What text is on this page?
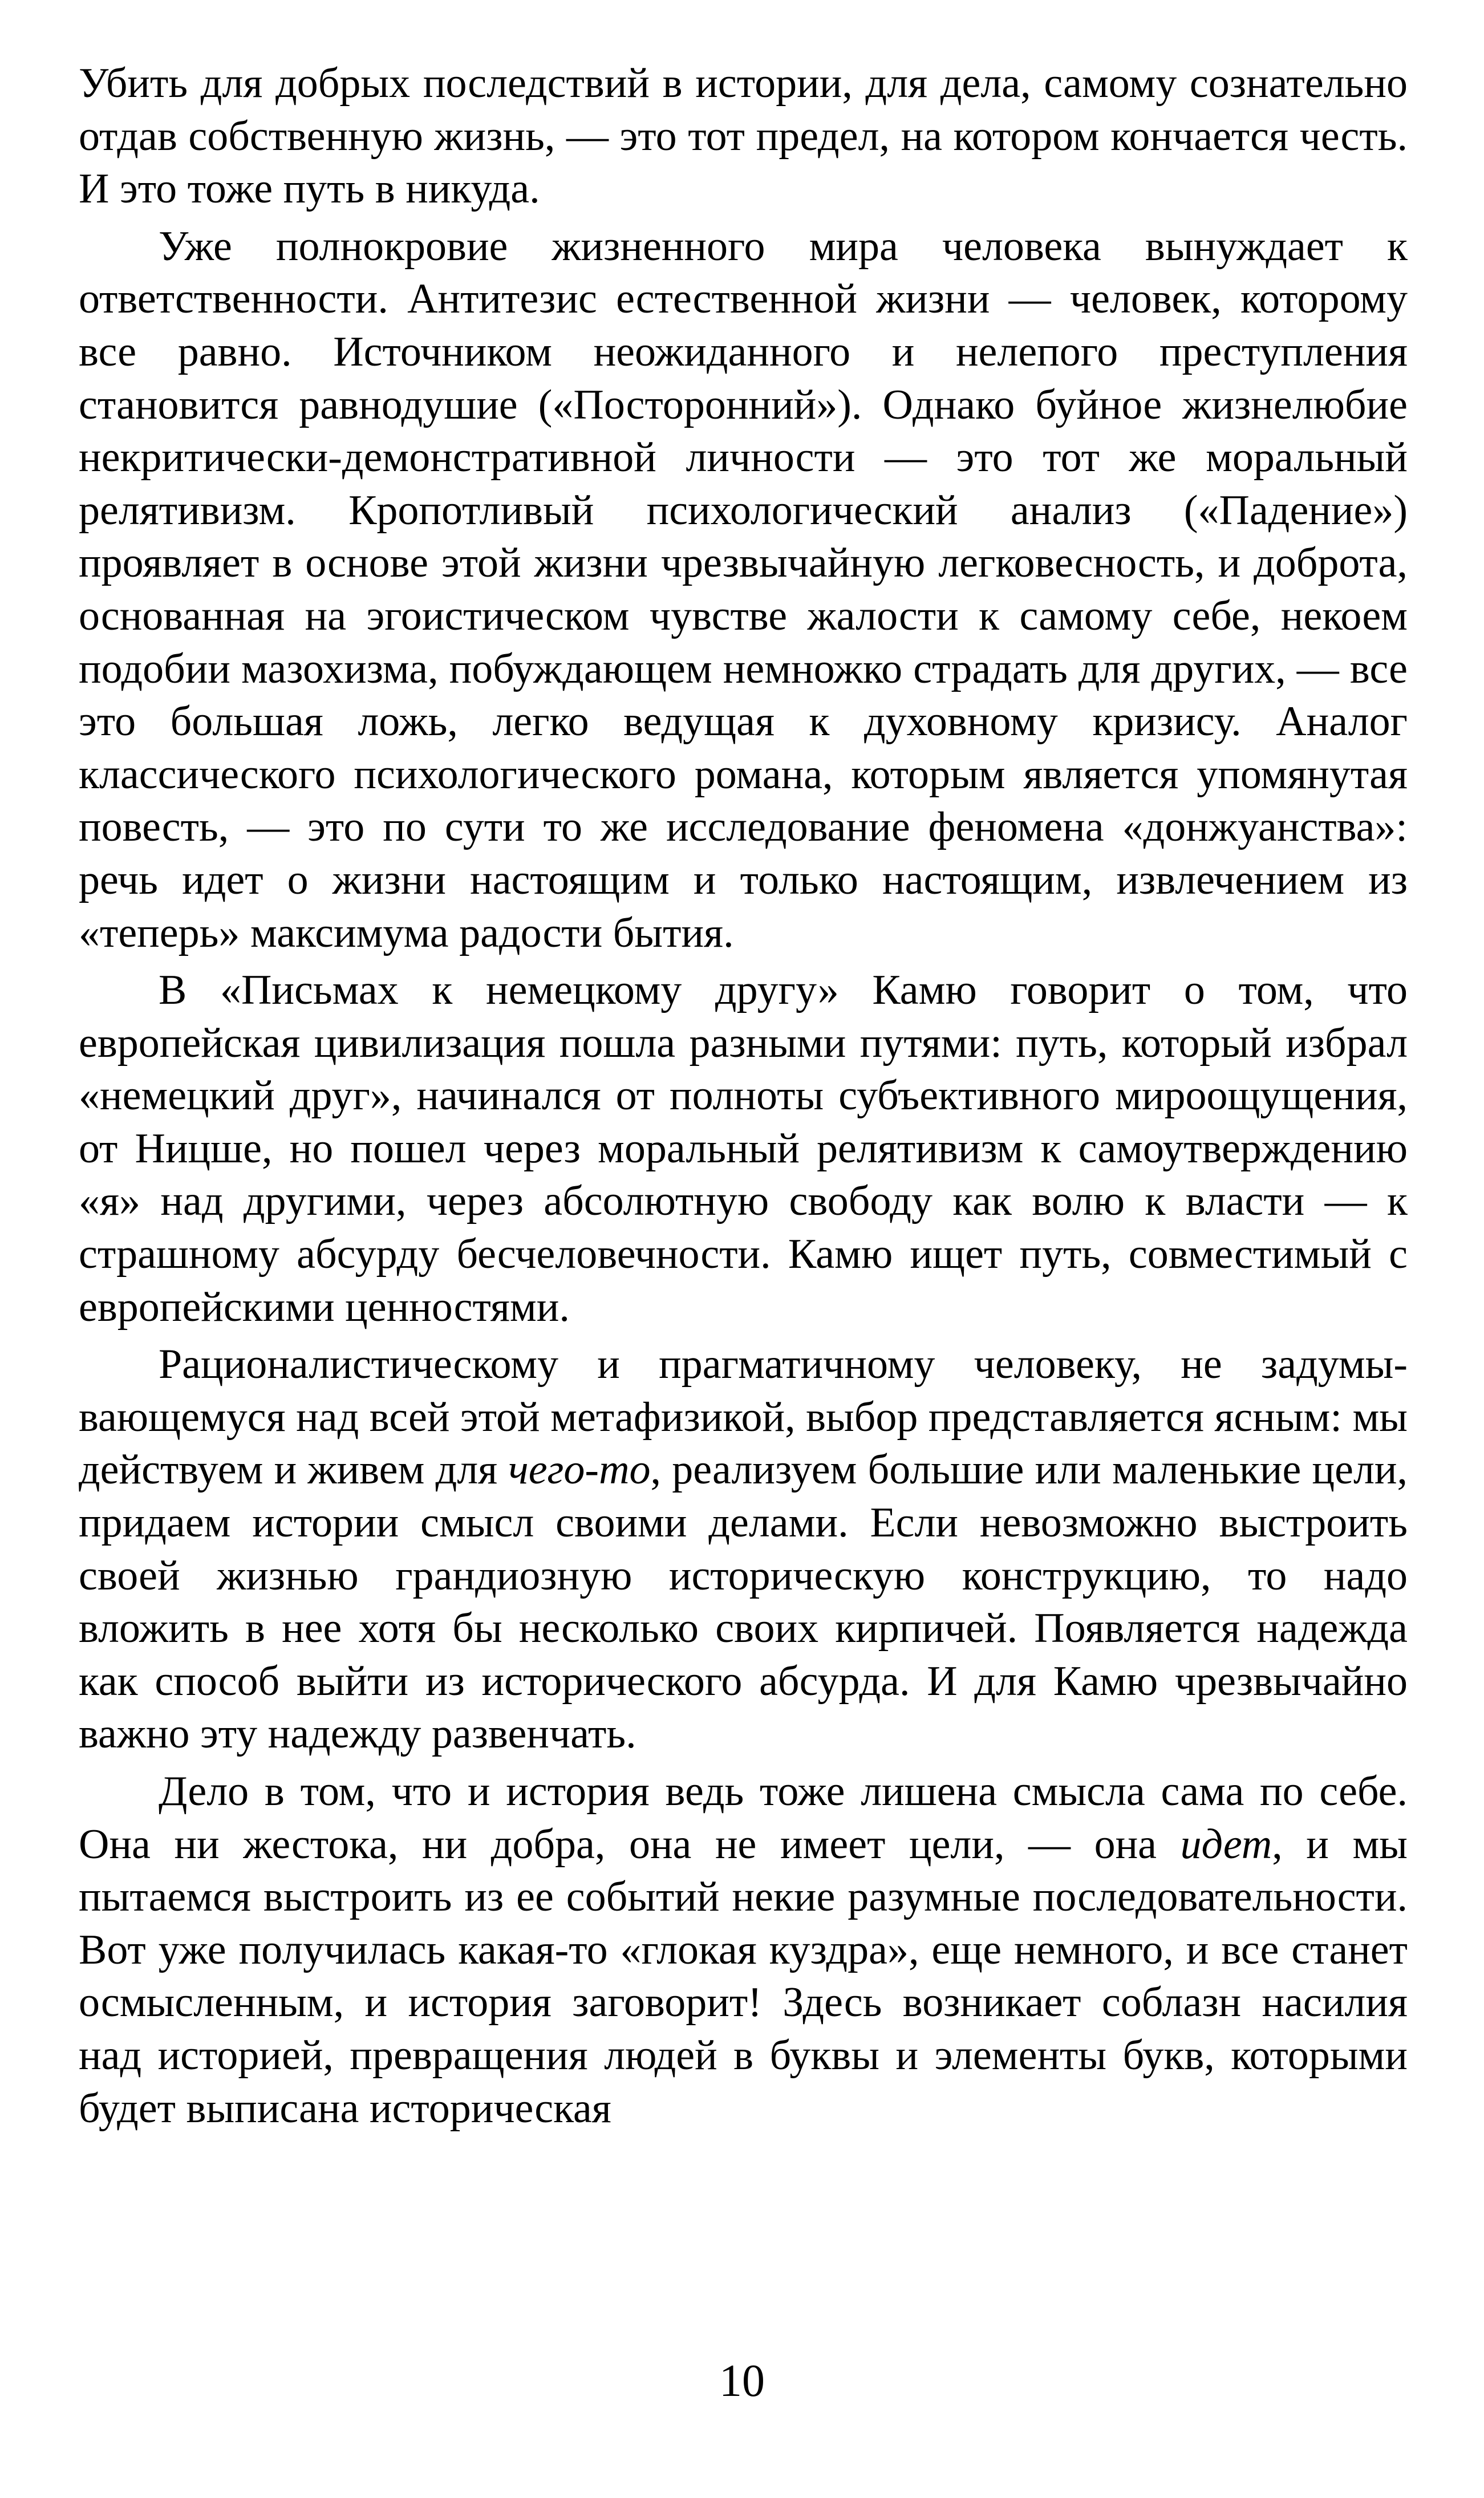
Убить для добрых последствий в истории, для дела, самому сознательно отдав собственную жизнь, — это тот предел, на котором кончается честь. И это тоже путь в никуда.

Уже полнокровие жизненного мира человека вынуждает к ответственности. Антитезис естественной жизни — человек, которому все равно. Источником неожиданного и нелепого преступления становится равнодушие («Посторонний»). Однако буйное жизнелюбие некритически-демонстративной личности — это тот же моральный релятивизм. Кропотливый психологический анализ («Падение») проявляет в основе этой жизни чрезвычайную легковесность, и доброта, основанная на эгоистическом чувстве жалости к самому себе, некоем подобии мазохизма, побуждающем немножко страдать для других, — все это большая ложь, легко ведущая к духовному кризису. Аналог классического психологического романа, которым является упомянутая повесть, — это по сути то же исследование феномена «донжуанства»: речь идет о жизни настоящим и только настоящим, извлечением из «теперь» максимума радости бытия.

В «Письмах к немецкому другу» Камю говорит о том, что европейская цивилизация пошла разными путями: путь, который избрал «немецкий друг», начинался от полноты субъективного мироощущения, от Ницше, но пошел через моральный релятивизм к самоутверждению «я» над другими, через абсолютную свободу как волю к власти — к страшному абсурду бесчеловечности. Камю ищет путь, совместимый с европейскими ценностями.

Рационалистическому и прагматичному человеку, не задумывающемуся над всей этой метафизикой, выбор представляется ясным: мы действуем и живем для чего-то, реализуем большие или маленькие цели, придаем истории смысл своими делами. Если невозможно выстроить своей жизнью грандиозную историческую конструкцию, то надо вложить в нее хотя бы несколько своих кирпичей. Появляется надежда как способ выйти из исторического абсурда. И для Камю чрезвычайно важно эту надежду развенчать.

Дело в том, что и история ведь тоже лишена смысла сама по себе. Она ни жестока, ни добра, она не имеет цели, — она идет, и мы пытаемся выстроить из ее событий некие разумные последовательности. Вот уже получилась какая-то «глокая куздра», еще немного, и все станет осмысленным, и история заговорит! Здесь возникает соблазн насилия над историей, превращения людей в буквы и элементы букв, которыми будет выписана историческая

10
